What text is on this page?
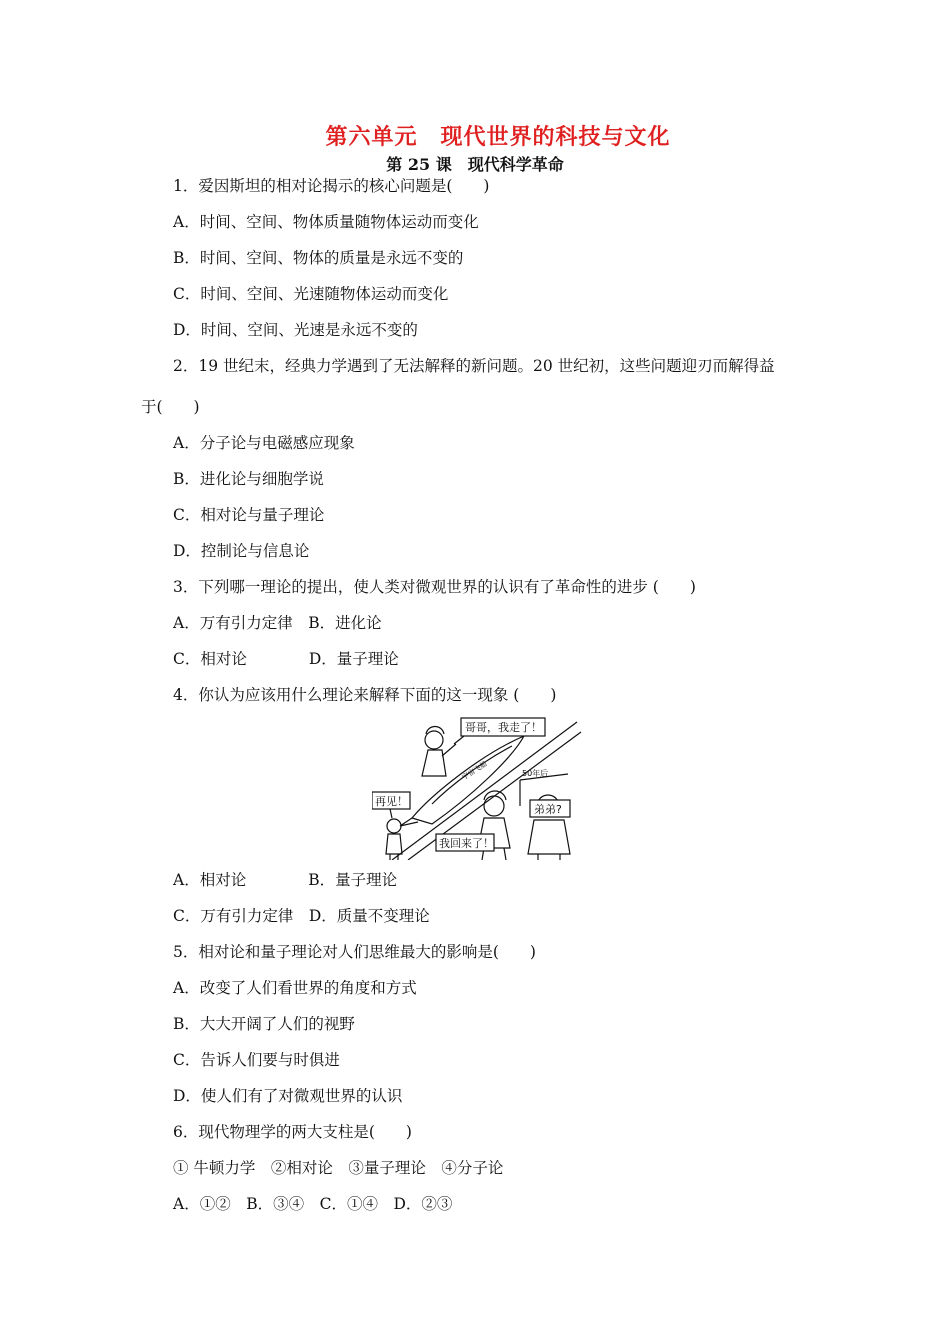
第六单元　现代世界的科技与文化
第 25 课　现代科学革命
1．爱因斯坦的相对论揭示的核心问题是(　　)
A．时间、空间、物体质量随物体运动而变化
B．时间、空间、物体的质量是永远不变的
C．时间、空间、光速随物体运动而变化
D．时间、空间、光速是永远不变的
2．19 世纪末，经典力学遇到了无法解释的新问题。20 世纪初，这些问题迎刃而解得益
于(　　)
A．分子论与电磁感应现象
B．进化论与细胞学说
C．相对论与量子理论
D．控制论与信息论
3．下列哪一理论的提出，使人类对微观世界的认识有了革命性的进步 (　　)
A．万有引力定律　B．进化论
C．相对论　　　　D．量子理论
4．你认为应该用什么理论来解释下面的这一现象 (　　)
哥哥，我走了！
宇宙飞船	50年后
再见！
我回来了！
弟弟?
A．相对论　　　　B．量子理论
C．万有引力定律　D．质量不变理论
5．相对论和量子理论对人们思维最大的影响是(　　)
A．改变了人们看世界的角度和方式
B．大大开阔了人们的视野
C．告诉人们要与时俱进
D．使人们有了对微观世界的认识
6．现代物理学的两大支柱是(　　)
① 牛顿力学　②相对论　③量子理论　④分子论
A．①②　B．③④　C．①④　D．②③
